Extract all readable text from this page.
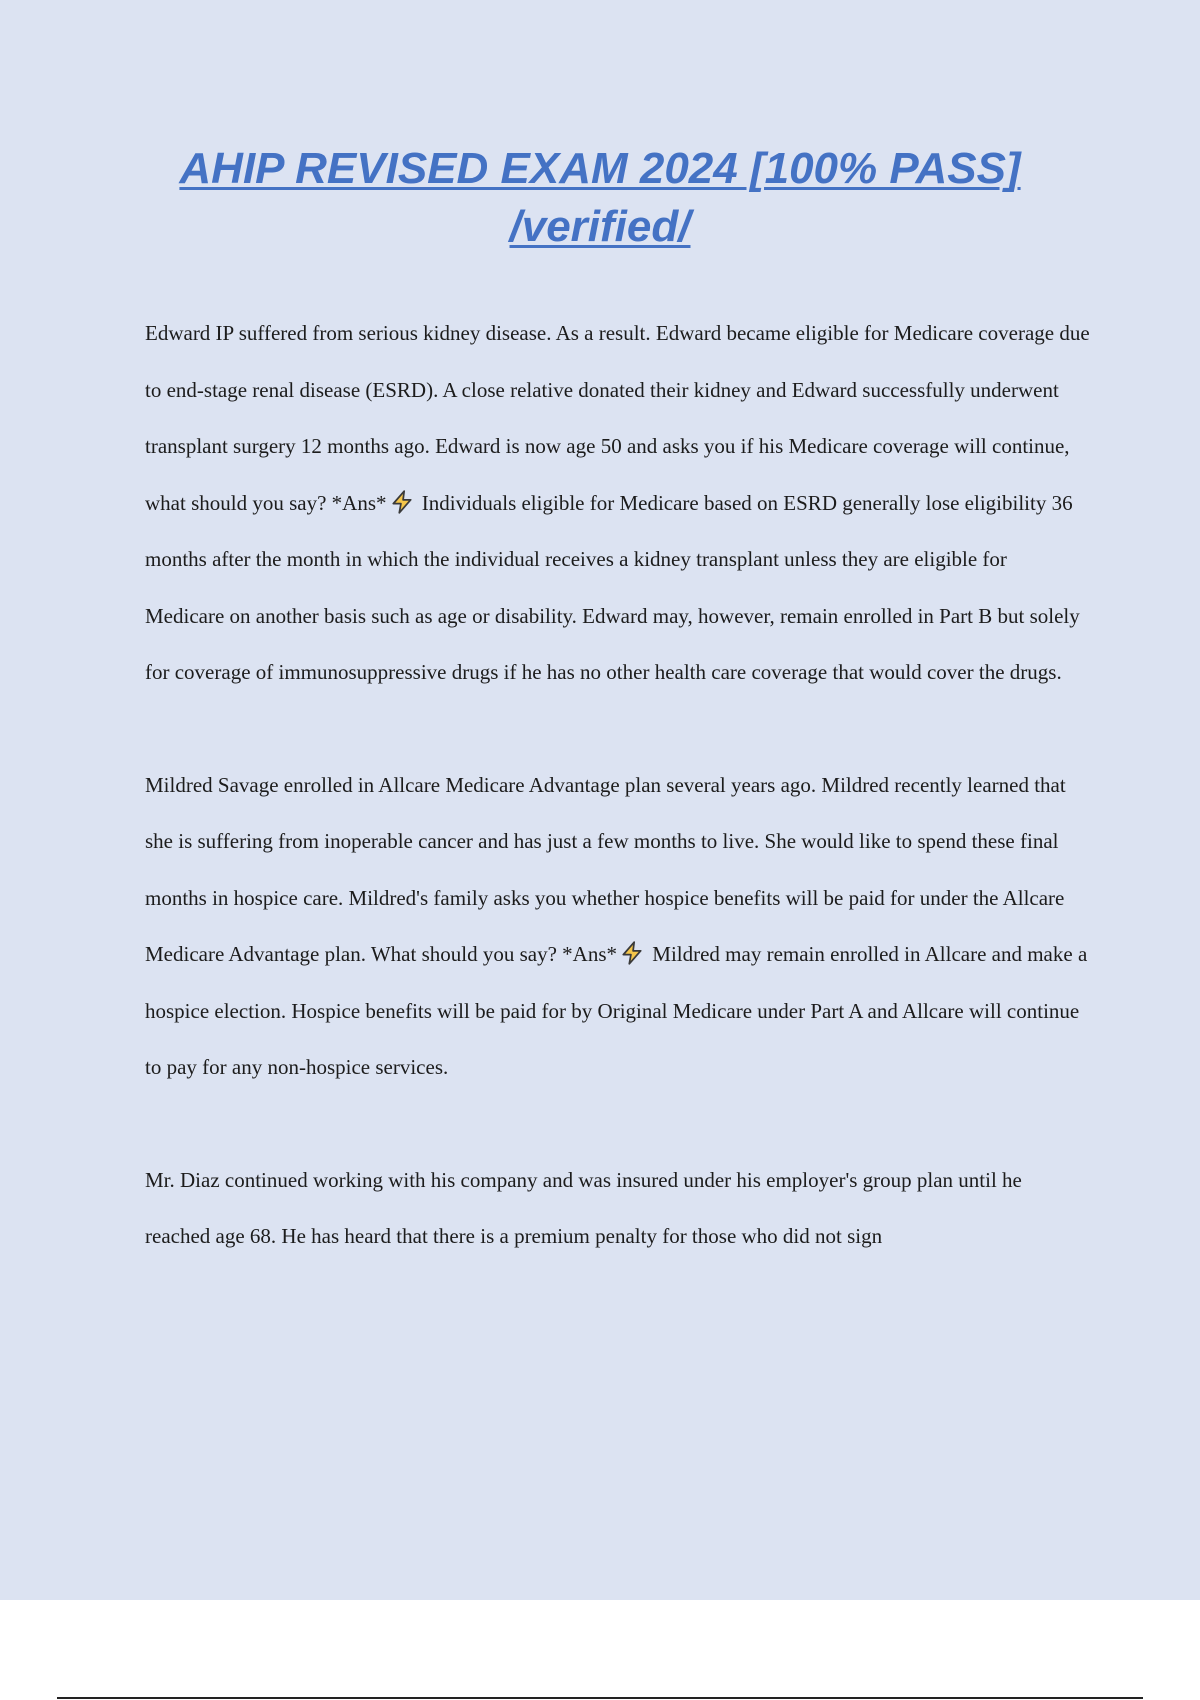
AHIP REVISED EXAM 2024 [100% PASS] /verified/

Edward IP suffered from serious kidney disease. As a result. Edward became eligible for Medicare coverage due to end-stage renal disease (ESRD). A close relative donated their kidney and Edward successfully underwent transplant surgery 12 months ago. Edward is now age 50 and asks you if his Medicare coverage will continue, what should you say? *Ans* Individuals eligible for Medicare based on ESRD generally lose eligibility 36 months after the month in which the individual receives a kidney transplant unless they are eligible for Medicare on another basis such as age or disability. Edward may, however, remain enrolled in Part B but solely for coverage of immunosuppressive drugs if he has no other health care coverage that would cover the drugs.

Mildred Savage enrolled in Allcare Medicare Advantage plan several years ago. Mildred recently learned that she is suffering from inoperable cancer and has just a few months to live. She would like to spend these final months in hospice care. Mildred's family asks you whether hospice benefits will be paid for under the Allcare Medicare Advantage plan. What should you say? *Ans* Mildred may remain enrolled in Allcare and make a hospice election. Hospice benefits will be paid for by Original Medicare under Part A and Allcare will continue to pay for any non-hospice services.

Mr. Diaz continued working with his company and was insured under his employer's group plan until he reached age 68. He has heard that there is a premium penalty for those who did not sign
